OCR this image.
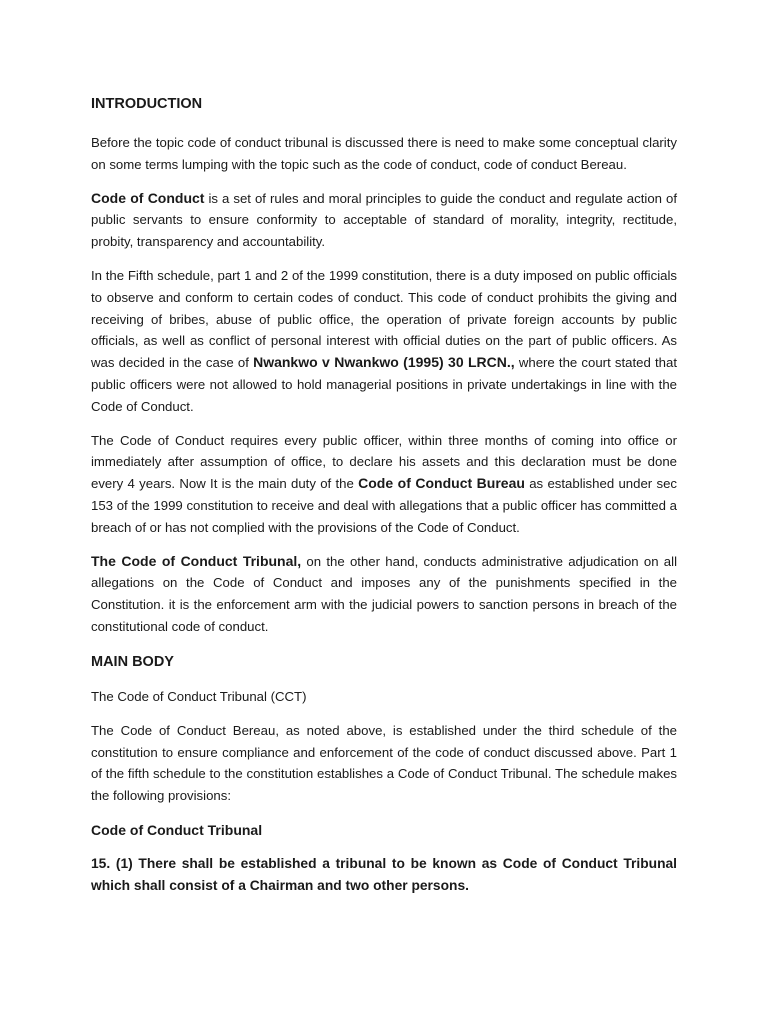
INTRODUCTION

Before the topic code of conduct tribunal is discussed there is need to make some conceptual clarity on some terms lumping with the topic such as the code of conduct, code of conduct Bereau.

Code of Conduct is a set of rules and moral principles to guide the conduct and regulate action of public servants to ensure conformity to acceptable of standard of morality, integrity, rectitude, probity, transparency and accountability.

In the Fifth schedule, part 1 and 2 of the 1999 constitution, there is a duty imposed on public officials to observe and conform to certain codes of conduct. This code of conduct prohibits the giving and receiving of bribes, abuse of public office, the operation of private foreign accounts by public officials, as well as conflict of personal interest with official duties on the part of public officers. As was decided in the case of Nwankwo v Nwankwo (1995) 30 LRCN., where the court stated that public officers were not allowed to hold managerial positions in private undertakings in line with the Code of Conduct.

The Code of Conduct requires every public officer, within three months of coming into office or immediately after assumption of office, to declare his assets and this declaration must be done every 4 years. Now It is the main duty of the Code of Conduct Bureau as established under sec 153 of the 1999 constitution to receive and deal with allegations that a public officer has committed a breach of or has not complied with the provisions of the Code of Conduct.

The Code of Conduct Tribunal, on the other hand, conducts administrative adjudication on all allegations on the Code of Conduct and imposes any of the punishments specified in the Constitution. it is the enforcement arm with the judicial powers to sanction persons in breach of the constitutional code of conduct.

MAIN BODY

The Code of Conduct Tribunal (CCT)

The Code of Conduct Bereau, as noted above, is established under the third schedule of the constitution to ensure compliance and enforcement of the code of conduct discussed above. Part 1 of the fifth schedule to the constitution establishes a Code of Conduct Tribunal. The schedule makes the following provisions:

Code of Conduct Tribunal

15. (1) There shall be established a tribunal to be known as Code of Conduct Tribunal which shall consist of a Chairman and two other persons.
